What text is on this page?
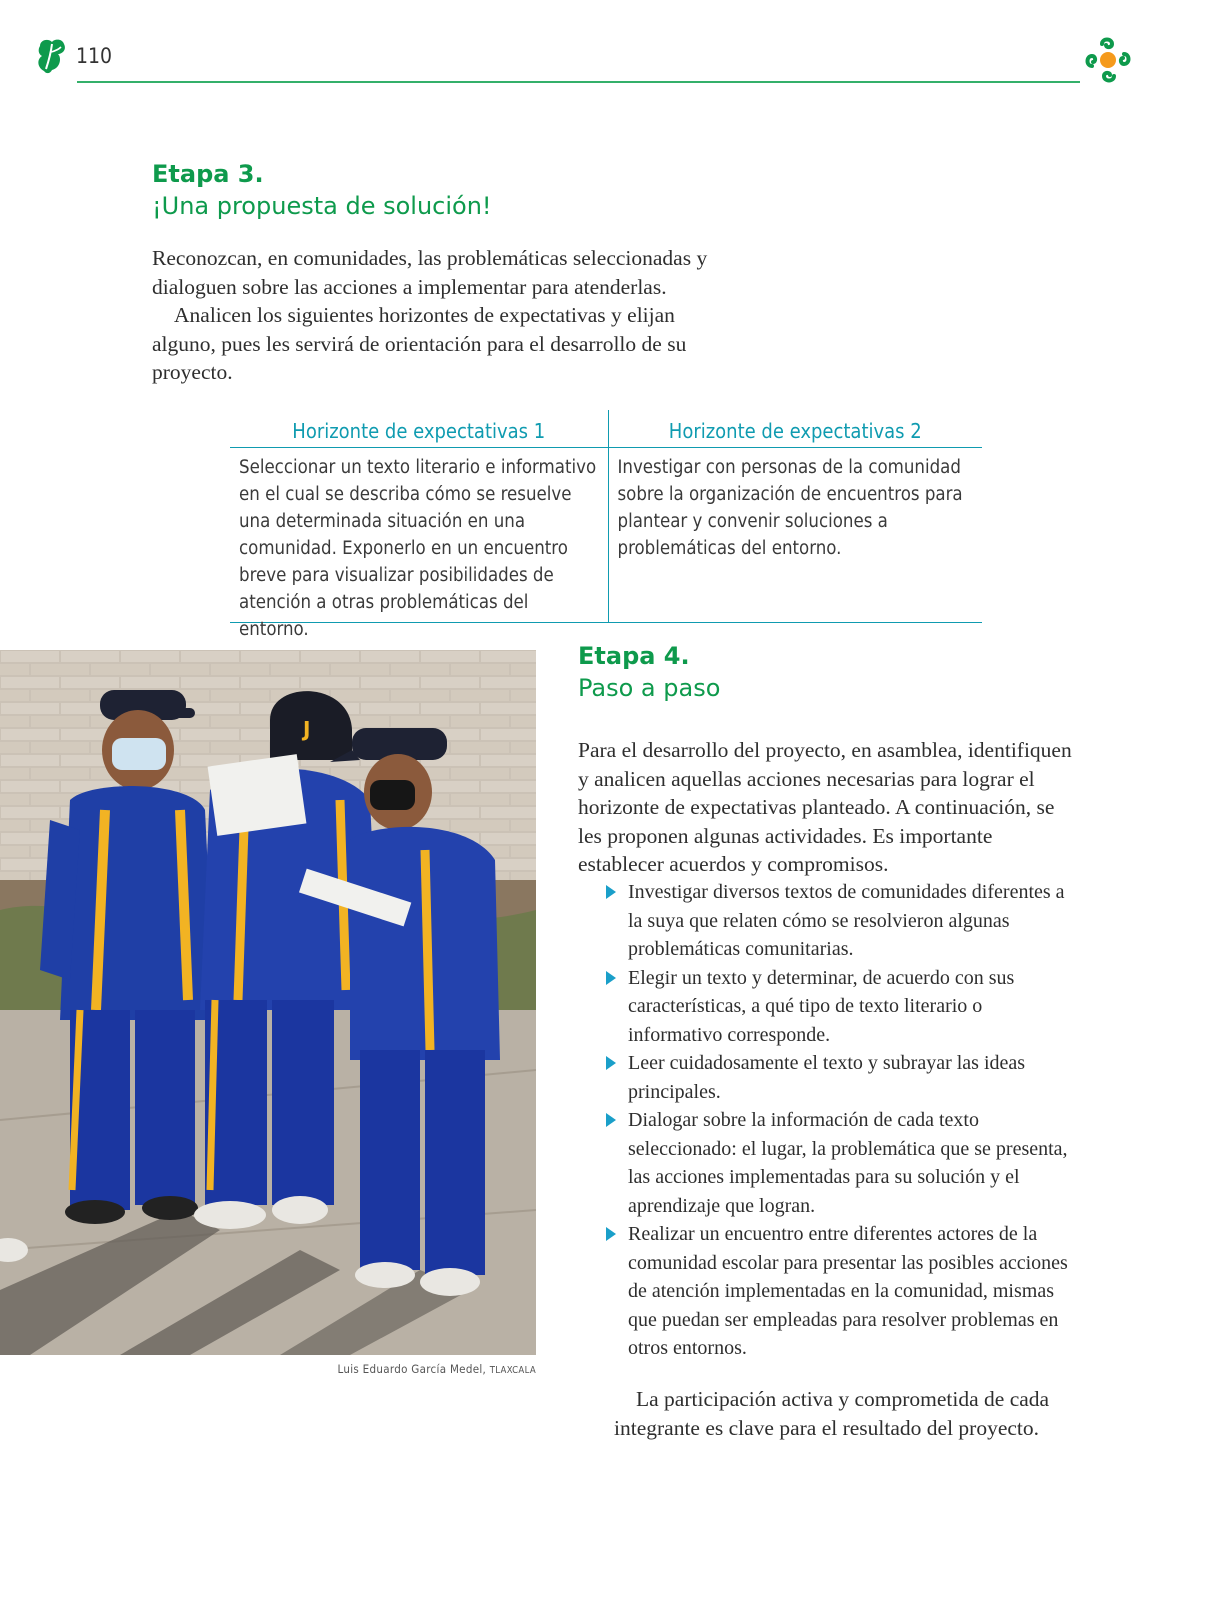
110
Etapa 3.
¡Una propuesta de solución!

Reconozcan, en comunidades, las problemáticas seleccionadas y dialoguen sobre las acciones a implementar para atenderlas.

Analicen los siguientes horizontes de expectativas y elijan alguno, pues les servirá de orientación para el desarrollo de su proyecto.

Horizonte de expectativas 1
Seleccionar un texto literario e informativo en el cual se describa cómo se resuelve una determinada situación en una comunidad. Exponerlo en un encuentro breve para visualizar posibilidades de atención a otras problemáticas del entorno.
Horizonte de expectativas 2
Investigar con personas de la comunidad sobre la organización de encuentros para plantear y convenir soluciones a problemáticas del entorno.
J
Luis Eduardo García Medel, TLAXCALA
Etapa 4.
Paso a paso
Para el desarrollo del proyecto, en asamblea, identifiquen y analicen aquellas acciones necesarias para lograr el horizonte de expectativas planteado. A continuación, se les proponen algunas actividades. Es importante establecer acuerdos y compromisos.
Investigar diversos textos de comunidades diferentes a la suya que relaten cómo se resolvieron algunas problemáticas comunitarias.
Elegir un texto y determinar, de acuerdo con sus características, a qué tipo de texto literario o informativo corresponde.
Leer cuidadosamente el texto y subrayar las ideas principales.
Dialogar sobre la información de cada texto seleccionado: el lugar, la problemática que se presenta, las acciones implementadas para su solución y el aprendizaje que logran.
Realizar un encuentro entre diferentes actores de la comunidad escolar para presentar las posibles acciones de atención implementadas en la comunidad, mismas que puedan ser empleadas para resolver problemas en otros entornos.
La participación activa y comprometida de cada integrante es clave para el resultado del proyecto.
